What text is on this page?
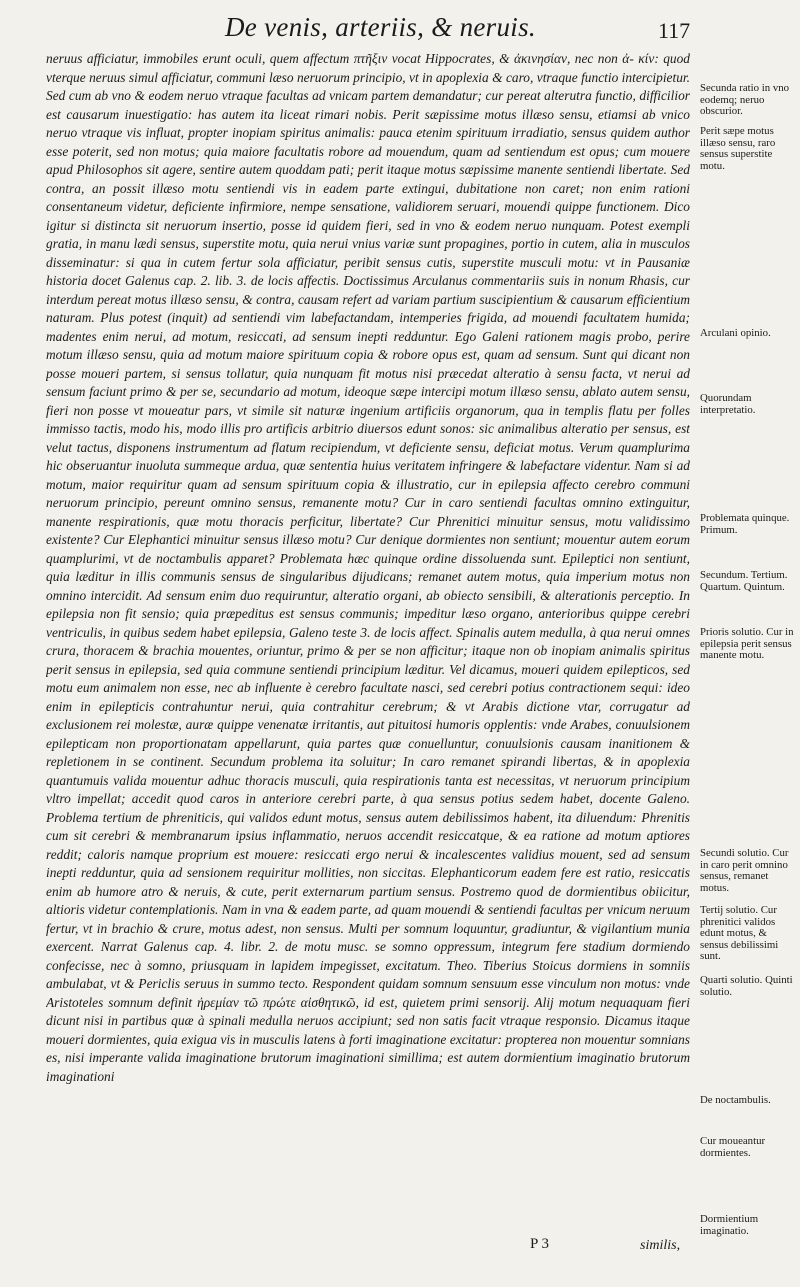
De venis, arteriis, & neruis.	117

neruus afficiatur, immobiles erunt oculi, quem affectum πτῆξιν vocat Hippocrates, & ἀκινησίαν, nec non ἀ- κίν: quod vterque neruus simul afficiatur, communi læso neruorum principio, vt in apoplexia & caro, vtraque functio intercipietur. Sed cum ab vno & eodem neruo vtraque facultas ad vnicam partem demandatur; cur pereat alterutra functio, difficilior est causarum inuestigatio: has autem ita liceat rimari nobis. Perit sæpissime motus illæso sensu, etiamsi ab vnico neruo vtraque vis influat, propter inopiam spiritus animalis: pauca etenim spirituum irradiatio, sensus quidem author esse poterit, sed non motus; quia maiore facultatis robore ad mouendum, quam ad sentiendum est opus; cum mouere apud Philosophos sit agere, sentire autem quoddam pati; perit itaque motus sæpissime manente sentiendi libertate. Sed contra, an possit illæso motu sentiendi vis in eadem parte extingui, dubitatione non caret; non enim rationi consentaneum videtur, deficiente infirmiore, nempe sensatione, validiorem seruari, mouendi quippe functionem. Dico igitur si distincta sit neruorum insertio, posse id quidem fieri, sed in vno & eodem neruo nunquam. Potest exempli gratia, in manu lædi sensus, superstite motu, quia nerui vnius variæ sunt propagines, portio in cutem, alia in musculos disseminatur: si qua in cutem fertur sola afficiatur, peribit sensus cutis, superstite musculi motu: vt in Pausaniæ historia docet Galenus cap. 2. lib. 3. de locis affectis. Doctissimus Arculanus commentariis suis in nonum Rhasis, cur interdum pereat motus illæso sensu, & contra, causam refert ad variam partium suscipientium & causarum efficientium naturam. Plus potest (inquit) ad sentiendi vim labefactandam, intemperies frigida, ad mouendi facultatem humida; madentes enim nerui, ad motum, resiccati, ad sensum inepti redduntur. Ego Galeni rationem magis probo, perire motum illæso sensu, quia ad motum maiore spirituum copia & robore opus est, quam ad sensum. Sunt qui dicant non posse moueri partem, si sensus tollatur, quia nunquam fit motus nisi præcedat alteratio à sensu facta, vt nerui ad sensum faciunt primo & per se, secundario ad motum, ideoque sæpe intercipi motum illæso sensu, ablato autem sensu, fieri non posse vt moueatur pars, vt simile sit naturæ ingenium artificiis organorum, qua in templis flatu per folles immisso tactis, modo his, modo illis pro artificis arbitrio diuersos edunt sonos: sic animalibus alteratio per sensus, est velut tactus, disponens instrumentum ad flatum recipiendum, vt deficiente sensu, deficiat motus. Verum quamplurima hic obseruantur inuoluta summeque ardua, quæ sententia huius veritatem infringere & labefactare videntur. Nam si ad motum, maior requiritur quam ad sensum spirituum copia & illustratio, cur in epilepsia affecto cerebro communi neruorum principio, pereunt omnino sensus, remanente motu? Cur in caro sentiendi facultas omnino extinguitur, manente respirationis, quæ motu thoracis perficitur, libertate? Cur Phrenitici minuitur sensus, motu validissimo existente? Cur Elephantici minuitur sensus illæso motu? Cur denique dormientes non sentiunt; mouentur autem eorum quamplurimi, vt de noctambulis apparet? Problemata hæc quinque ordine dissoluenda sunt. Epileptici non sentiunt, quia læditur in illis communis sensus de singularibus dijudicans; remanet autem motus, quia imperium motus non omnino intercidit. Ad sensum enim duo requiruntur, alteratio organi, ab obiecto sensibili, & alterationis perceptio. In epilepsia non fit sensio; quia præpeditus est sensus communis; impeditur læso organo, anterioribus quippe cerebri ventriculis, in quibus sedem habet epilepsia, Galeno teste 3. de locis affect. Spinalis autem medulla, à qua nerui omnes crura, thoracem & brachia mouentes, oriuntur, primo & per se non afficitur; itaque non ob inopiam animalis spiritus perit sensus in epilepsia, sed quia commune sentiendi principium læditur. Vel dicamus, moueri quidem epilepticos, sed motu eum animalem non esse, nec ab influente è cerebro facultate nasci, sed cerebri potius contractionem sequi: ideo enim in epilepticis contrahuntur nerui, quia contrahitur cerebrum; & vt Arabis dictione vtar, corrugatur ad exclusionem rei molestæ, auræ quippe venenatæ irritantis, aut pituitosi humoris opplentis: vnde Arabes, conuulsionem epilepticam non proportionatam appellarunt, quia partes quæ conuelluntur, conuulsionis causam inanitionem & repletionem in se continent. Secundum problema ita soluitur; In caro remanet spirandi libertas, & in apoplexia quantumuis valida mouentur adhuc thoracis musculi, quia respirationis tanta est necessitas, vt neruorum principium vltro impellat; accedit quod caros in anteriore cerebri parte, à qua sensus potius sedem habet, docente Galeno. Problema tertium de phreniticis, qui validos edunt motus, sensus autem debilissimos habent, ita diluendum: Phrenitis cum sit cerebri & membranarum ipsius inflammatio, neruos accendit resiccatque, & ea ratione ad motum aptiores reddit; caloris namque proprium est mouere: resiccati ergo nerui & incalescentes validius mouent, sed ad sensum inepti redduntur, quia ad sensionem requiritur mollities, non siccitas. Elephanticorum eadem fere est ratio, resiccatis enim ab humore atro & neruis, & cute, perit externarum partium sensus. Postremo quod de dormientibus obiicitur, altioris videtur contemplationis. Nam in vna & eadem parte, ad quam mouendi & sentiendi facultas per vnicum neruum fertur, vt in brachio & crure, motus adest, non sensus. Multi per somnum loquuntur, gradiuntur, & vigilantium munia exercent. Narrat Galenus cap. 4. libr. 2. de motu musc. se somno oppressum, integrum fere stadium dormiendo confecisse, nec à somno, priusquam in lapidem impegisset, excitatum. Theo. Tiberius Stoicus dormiens in somniis ambulabat, vt & Periclis seruus in summo tecto. Respondent quidam somnum sensuum esse vinculum non motus: vnde Aristoteles somnum definit ἠρεμίαν τῶ πρώτε αἰσθητικῶ, id est, quietem primi sensorij. Alij motum nequaquam fieri dicunt nisi in partibus quæ à spinali medulla neruos accipiunt; sed non satis facit vtraque responsio. Dicamus itaque moueri dormientes, quia exigua vis in musculis latens à forti imaginatione excitatur: propterea non mouentur somnians es, nisi imperante valida imaginatione brutorum imaginationi simillima; est autem dormientium imaginatio brutorum imaginationi

Secunda ratio in vno eodemq; neruo obscurior.
Perit sæpe motus illæso sensu, raro sensus superstite motu.
Arculani opinio.
Quorundam interpretatio.
Problemata quinque. Primum.
Secundum. Tertium. Quartum. Quintum.
Prioris solutio. Cur in epilepsia perit sensus manente motu.
Secundi solutio. Cur in caro perit omnino sensus, remanet motus.
Tertij solutio. Cur phrenitici validos edunt motus, & sensus debilissimi sunt.
Quarti solutio. Quinti solutio.
De noctambulis.
Cur moueantur dormientes.
Dormientium imaginatio.
P 3	similis,
